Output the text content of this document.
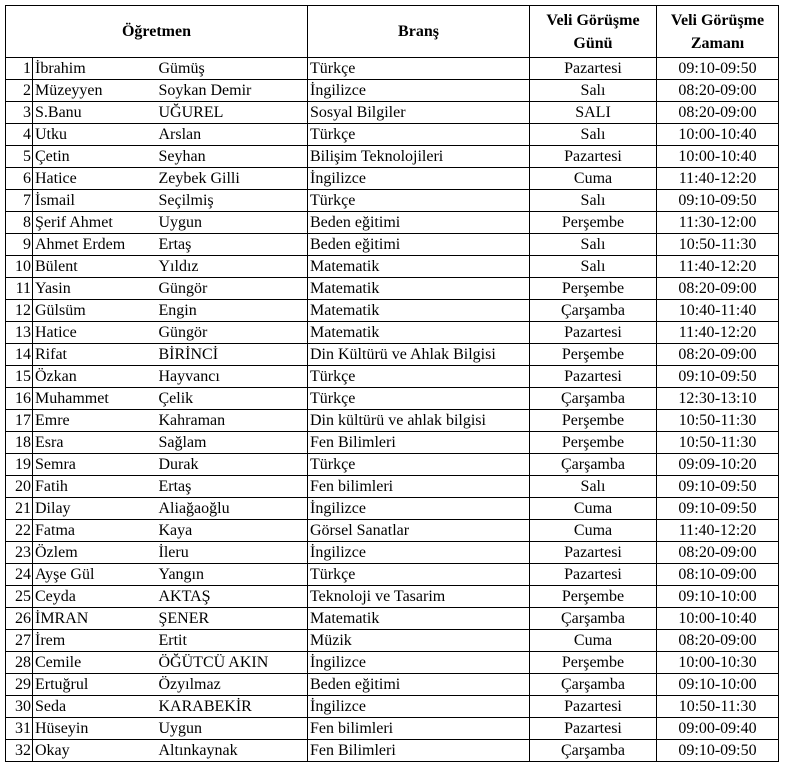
Öğretmen			Branş	Veli Görüşme Günü	Veli Görüşme Zamanı
1	İbrahim	Gümüş	Türkçe	Pazartesi	09:10-09:50
2	Müzeyyen	Soykan Demir	İngilizce	Salı	08:20-09:00
3	S.Banu	UĞUREL	Sosyal Bilgiler	SALI	08:20-09:00
4	Utku	Arslan	Türkçe	Salı	10:00-10:40
5	Çetin	Seyhan	Bilişim Teknolojileri	Pazartesi	10:00-10:40
6	Hatice	Zeybek Gilli	İngilizce	Cuma	11:40-12:20
7	İsmail	Seçilmiş	Türkçe	Salı	09:10-09:50
8	Şerif Ahmet	Uygun	Beden eğitimi	Perşembe	11:30-12:00
9	Ahmet Erdem	Ertaş	Beden eğitimi	Salı	10:50-11:30
10	Bülent	Yıldız	Matematik	Salı	11:40-12:20
11	Yasin	Güngör	Matematik	Perşembe	08:20-09:00
12	Gülsüm	Engin	Matematik	Çarşamba	10:40-11:40
13	Hatice	Güngör	Matematik	Pazartesi	11:40-12:20
14	Rifat	BİRİNCİ	Din Kültürü ve Ahlak Bilgisi	Perşembe	08:20-09:00
15	Özkan	Hayvancı	Türkçe	Pazartesi	09:10-09:50
16	Muhammet	Çelik	Türkçe	Çarşamba	12:30-13:10
17	Emre	Kahraman	Din kültürü ve ahlak bilgisi	Perşembe	10:50-11:30
18	Esra	Sağlam	Fen Bilimleri	Perşembe	10:50-11:30
19	Semra	Durak	Türkçe	Çarşamba	09:09-10:20
20	Fatih	Ertaş	Fen bilimleri	Salı	09:10-09:50
21	Dilay	Aliağaoğlu	İngilizce	Cuma	09:10-09:50
22	Fatma	Kaya	Görsel Sanatlar	Cuma	11:40-12:20
23	Özlem	İleru	İngilizce	Pazartesi	08:20-09:00
24	Ayşe Gül	Yangın	Türkçe	Pazartesi	08:10-09:00
25	Ceyda	AKTAŞ	Teknoloji ve Tasarim	Perşembe	09:10-10:00
26	İMRAN	ŞENER	Matematik	Çarşamba	10:00-10:40
27	İrem	Ertit	Müzik	Cuma	08:20-09:00
28	Cemile	ÖĞÜTCÜ AKIN	İngilizce	Perşembe	10:00-10:30
29	Ertuğrul	Özyılmaz	Beden eğitimi	Çarşamba	09:10-10:00
30	Seda	KARABEKİR	İngilizce	Pazartesi	10:50-11:30
31	Hüseyin	Uygun	Fen bilimleri	Pazartesi	09:00-09:40
32	Okay	Altınkaynak	Fen Bilimleri	Çarşamba	09:10-09:50
